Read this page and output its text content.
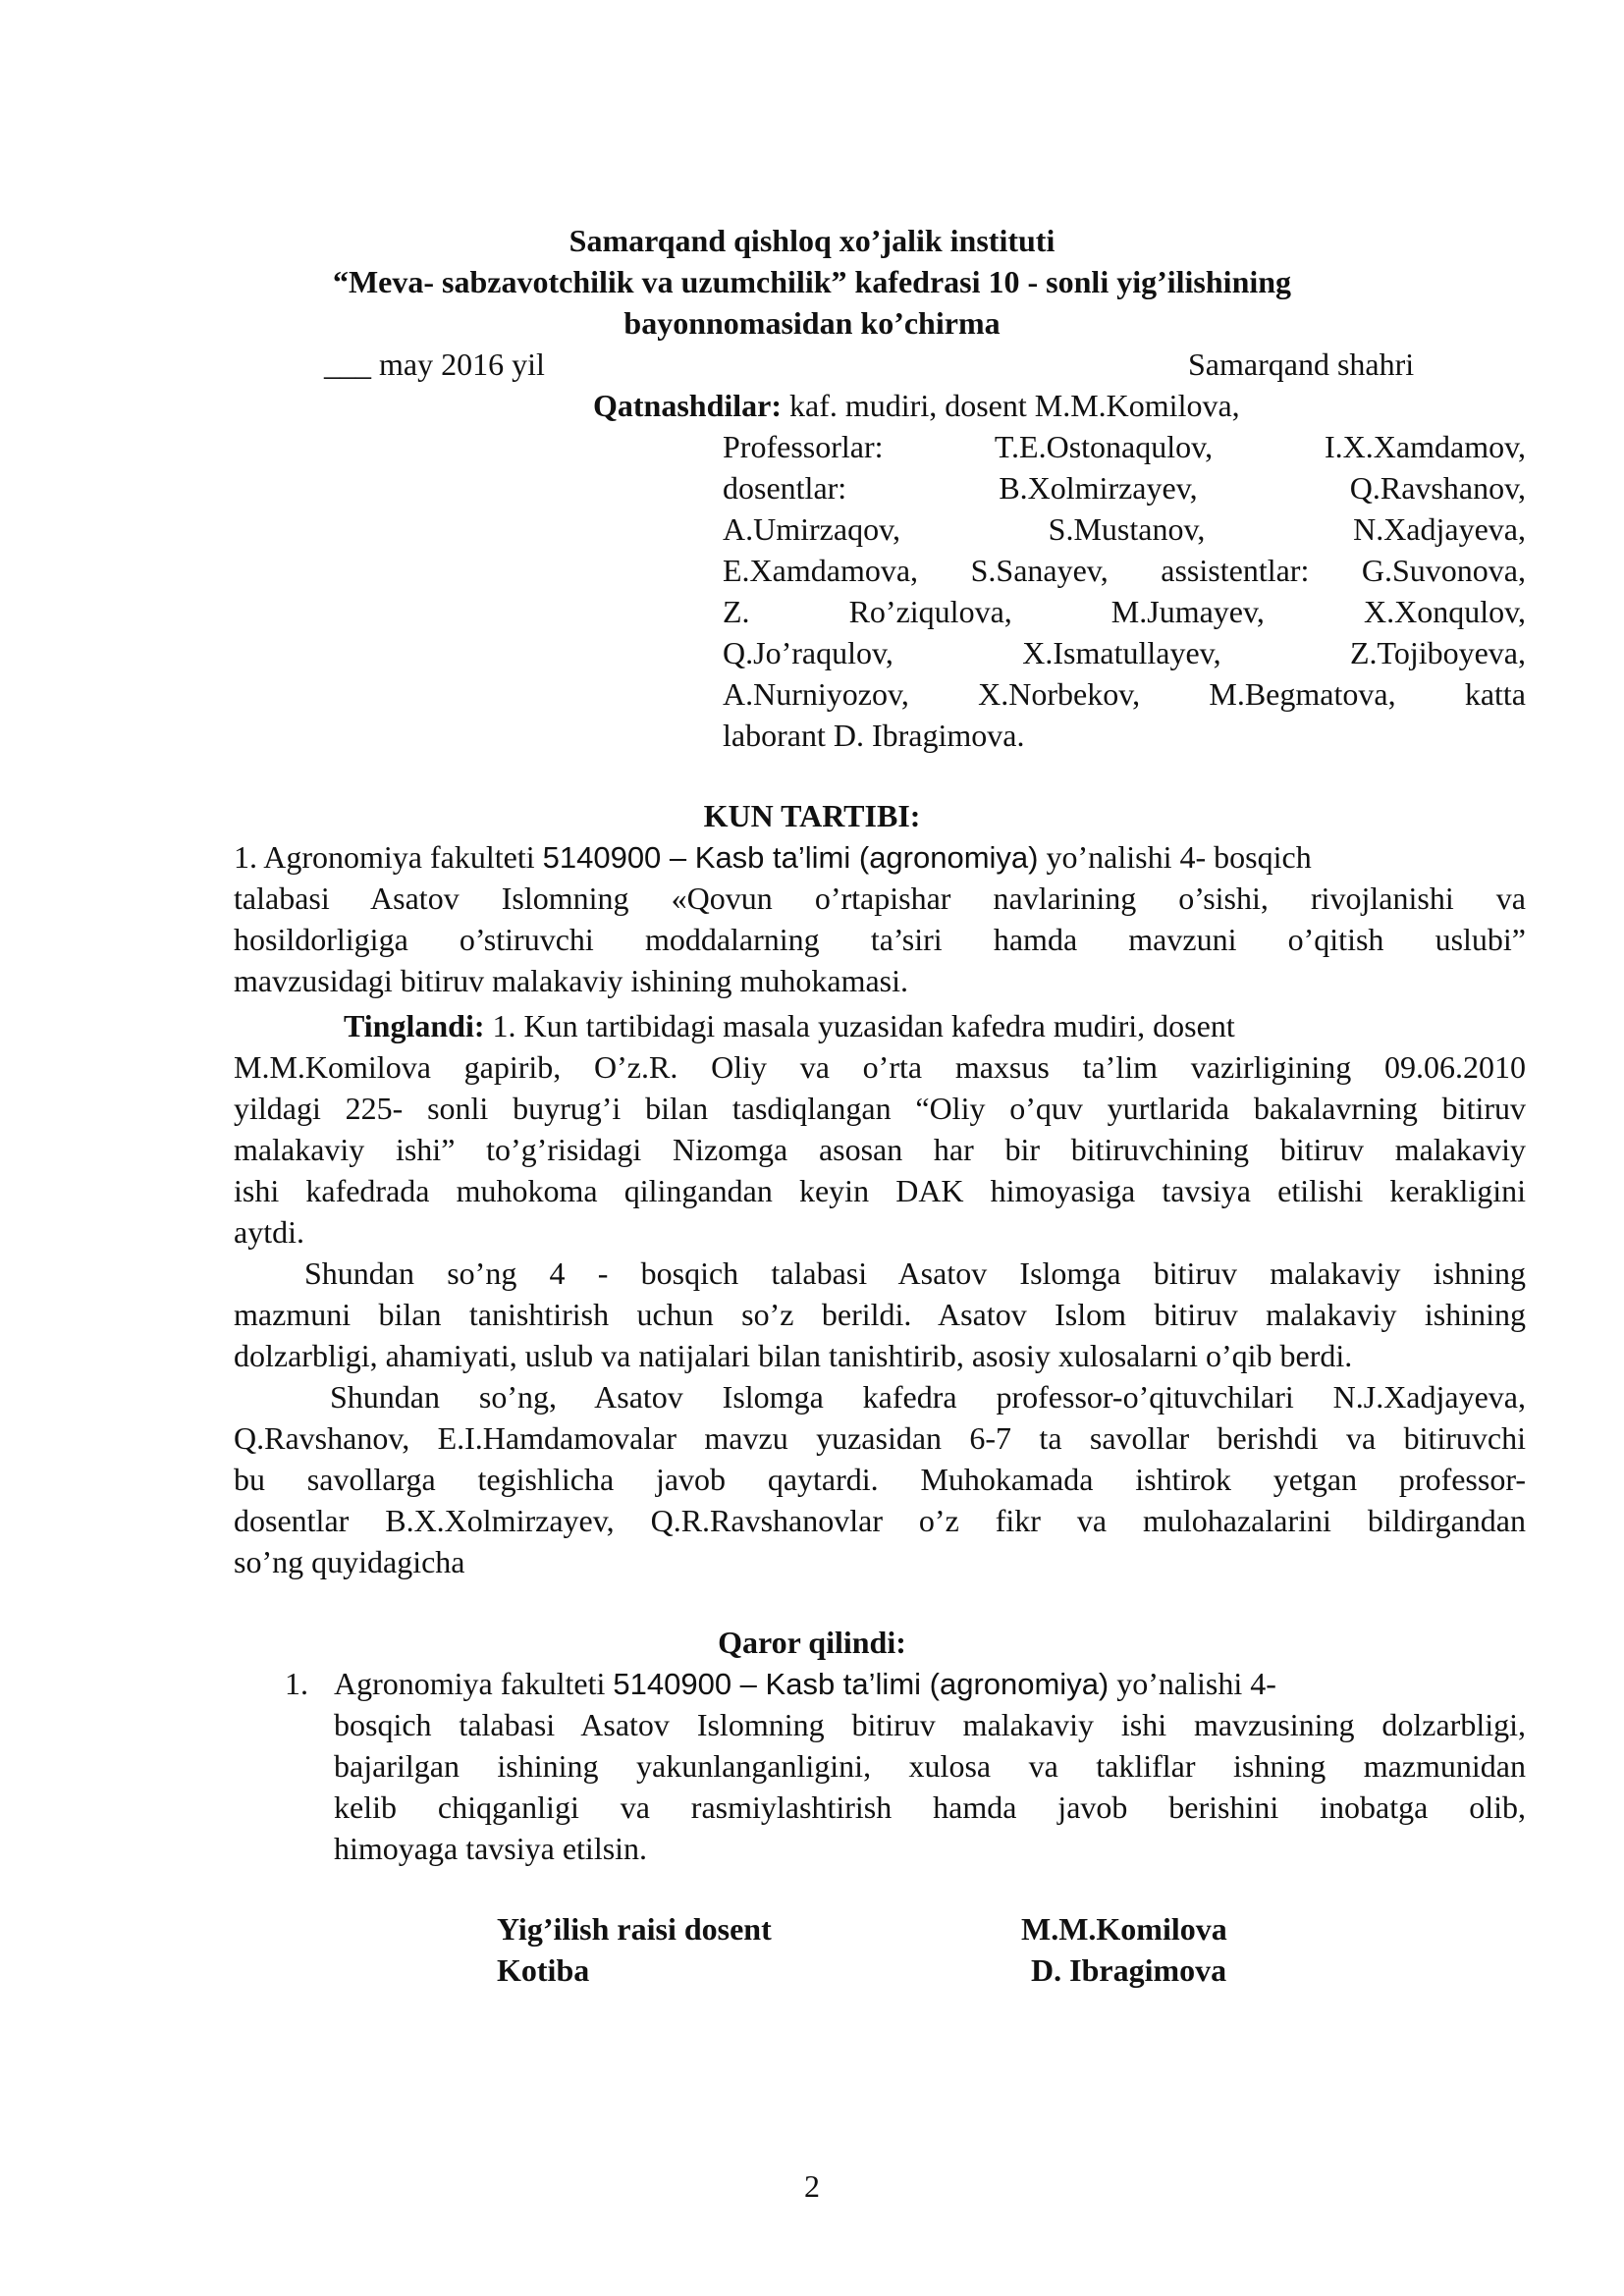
Samarqand qishloq xo’jalik instituti
“Meva- sabzavotchilik va uzumchilik” kafedrasi 10 - sonli yig’ilishining
bayonnomasidan ko’chirma
___ may 2016 yil	Samarqand shahri
Qatnashdilar: kaf. mudiri, dosent M.M.Komilova,
Professorlar: T.E.Ostonaqulov, I.X.Xamdamov,
dosentlar: B.Xolmirzayev, Q.Ravshanov,
A.Umirzaqov, S.Mustanov, N.Xadjayeva,
E.Xamdamova, S.Sanayev, assistentlar: G.Suvonova,
Z. Ro’ziqulova, M.Jumayev, X.Xonqulov,
Q.Jo’raqulov, X.Ismatullayev, Z.Tojiboyeva,
A.Nurniyozov, X.Norbekov, M.Begmatova, katta
laborant D. Ibragimova.
KUN TARTIBI:
1. Agronomiya fakulteti 5140900 – Kasb ta’limi (agronomiya) yo’nalishi 4- bosqich
talabasi Asatov Islomning «Qovun o’rtapishar navlarining o’sishi, rivojlanishi va
hosildorligiga o’stiruvchi moddalarning ta’siri hamda mavzuni o’qitish uslubi”
mavzusidagi bitiruv malakaviy ishining muhokamasi.
Tinglandi: 1. Kun tartibidagi masala yuzasidan kafedra mudiri, dosent
M.M.Komilova gapirib, O’z.R. Oliy va o’rta maxsus ta’lim vazirligining 09.06.2010
yildagi 225- sonli buyrug’i bilan tasdiqlangan “Oliy o’quv yurtlarida bakalavrning bitiruv
malakaviy ishi” to’g’risidagi Nizomga asosan har bir bitiruvchining bitiruv malakaviy
ishi kafedrada muhokoma qilingandan keyin DAK himoyasiga tavsiya etilishi kerakligini
aytdi.
Shundan so’ng 4 - bosqich talabasi Asatov Islomga bitiruv malakaviy ishning
mazmuni bilan tanishtirish uchun so’z berildi. Asatov Islom bitiruv malakaviy ishining
dolzarbligi, ahamiyati, uslub va natijalari bilan tanishtirib, asosiy xulosalarni o’qib berdi.
Shundan so’ng, Asatov Islomga kafedra professor-o’qituvchilari N.J.Xadjayeva,
Q.Ravshanov, E.I.Hamdamovalar mavzu yuzasidan 6-7 ta savollar berishdi va bitiruvchi
bu savollarga tegishlicha javob qaytardi. Muhokamada ishtirok yetgan professor-
dosentlar B.X.Xolmirzayev, Q.R.Ravshanovlar o’z fikr va mulohazalarini bildirgandan
so’ng quyidagicha
Qaror qilindi:
1. Agronomiya fakulteti 5140900 – Kasb ta’limi (agronomiya) yo’nalishi 4-
bosqich talabasi Asatov Islomning bitiruv malakaviy ishi mavzusining dolzarbligi,
bajarilgan ishining yakunlanganligini, xulosa va takliflar ishning mazmunidan
kelib chiqganligi va rasmiylashtirish hamda javob berishini inobatga olib,
himoyaga tavsiya etilsin.
Yig’ilish raisi dosent	M.M.Komilova
Kotiba	D. Ibragimova
2
